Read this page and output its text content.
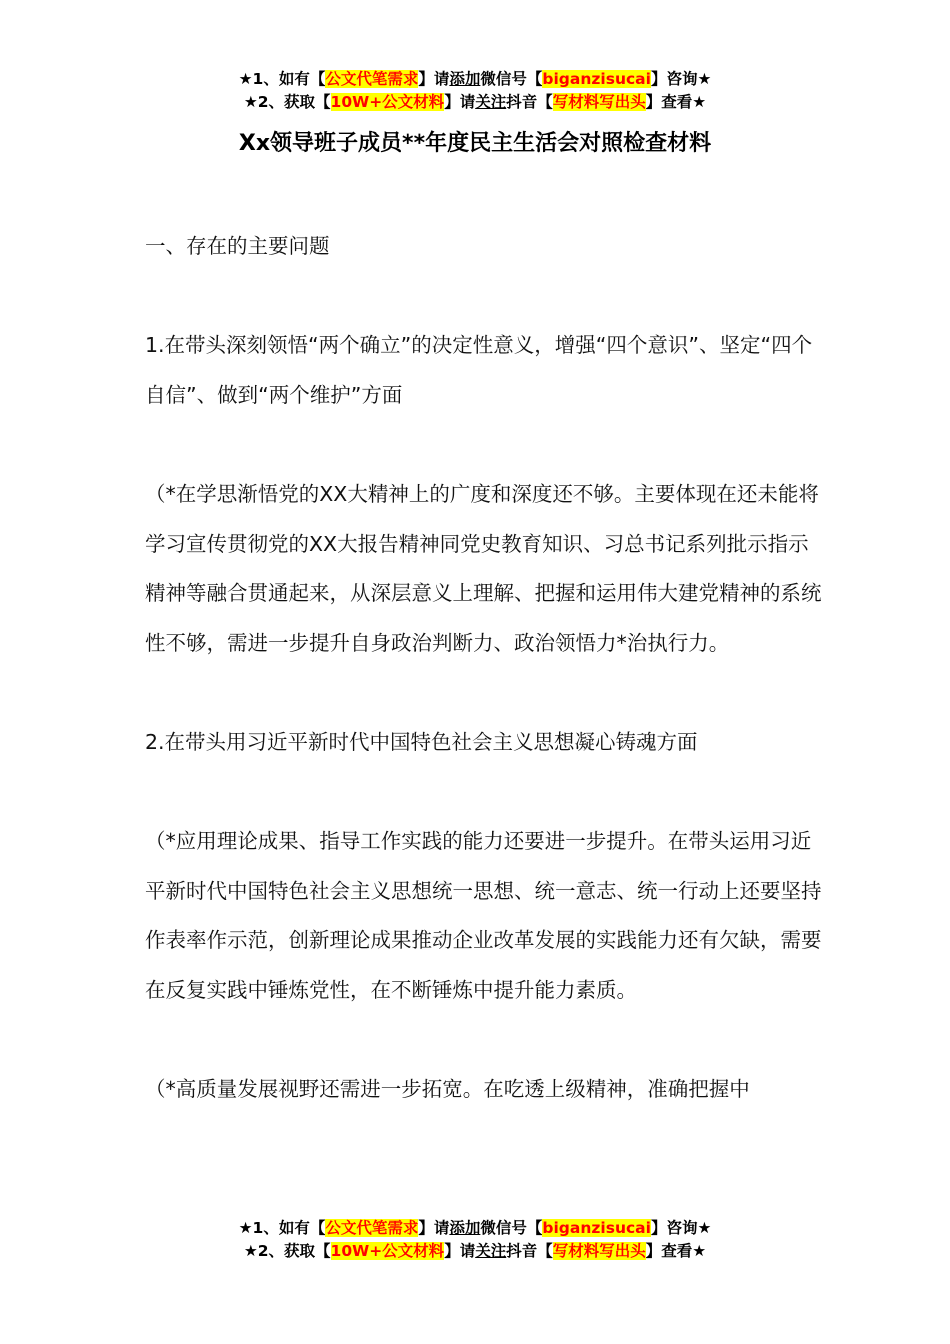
★1、如有【公文代笔需求】请添加微信号【biganzisucai】咨询★
★2、获取【10W+公文材料】请关注抖音【写材料写出头】查看★
Xx领导班子成员**年度民主生活会对照检查材料

一、存在的主要问题

1.在带头深刻领悟“两个确立”的决定性意义，增强“四个意识”、坚定“四个自信”、做到“两个维护”方面

（*在学思渐悟党的XX大精神上的广度和深度还不够。主要体现在还未能将学习宣传贯彻党的XX大报告精神同党史教育知识、习总书记系列批示指示精神等融合贯通起来，从深层意义上理解、把握和运用伟大建党精神的系统性不够，需进一步提升自身政治判断力、政治领悟力*治执行力。

2.在带头用习近平新时代中国特色社会主义思想凝心铸魂方面

（*应用理论成果、指导工作实践的能力还要进一步提升。在带头运用习近平新时代中国特色社会主义思想统一思想、统一意志、统一行动上还要坚持作表率作示范，创新理论成果推动企业改革发展的实践能力还有欠缺，需要在反复实践中锤炼党性，在不断锤炼中提升能力素质。

（*高质量发展视野还需进一步拓宽。在吃透上级精神，准确把握中

★1、如有【公文代笔需求】请添加微信号【biganzisucai】咨询★
★2、获取【10W+公文材料】请关注抖音【写材料写出头】查看★
